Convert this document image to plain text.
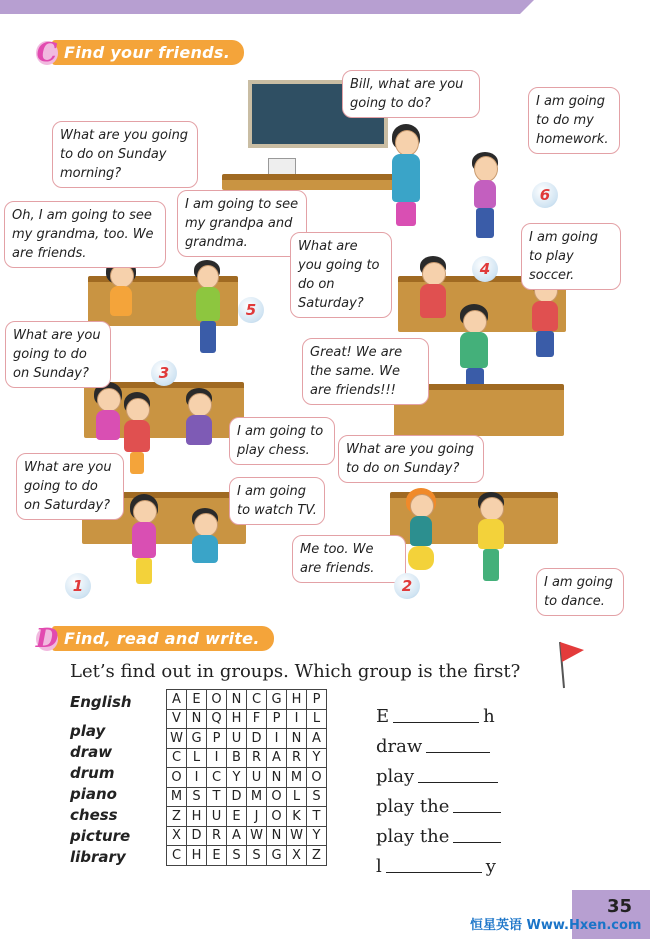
C Find your friends.
Bill, what are you going to do?	I am going to do my homework.
What are you going to do on Sunday morning?
I am going to see my grandpa and grandma.
Oh, I am going to see my grandma, too. We are friends.	What are you going to do on Saturday?
I am going to play soccer.
What are you going to do on Sunday?
Great! We are the same. We are friends!!!
I am going to play chess.	What are you going to do on Sunday?
What are you going to do on Saturday?
I am going to watch TV.
Me too. We are friends.
I am going to dance.
1	2
3
4
5
6
D Find, read and write.
Let’s find out in groups. Which group is the first?
English
play
draw
drum
piano
chess
picture
library
A	E	O	N	C	G	H	P
V	N	Q	H	F	P	I	L
W	G	P	U	D	I	N	A
C	L	I	B	R	A	R	Y
O	I	C	Y	U	N	M	O
M	S	T	D	M	O	L	S
Z	H	U	E	J	O	K	T
X	D	R	A	W	N	W	Y
C	H	E	S	S	G	X	Z
E	h
draw
play
play the
play the
l	y
35
恒星英语 Www.Hxen.com
